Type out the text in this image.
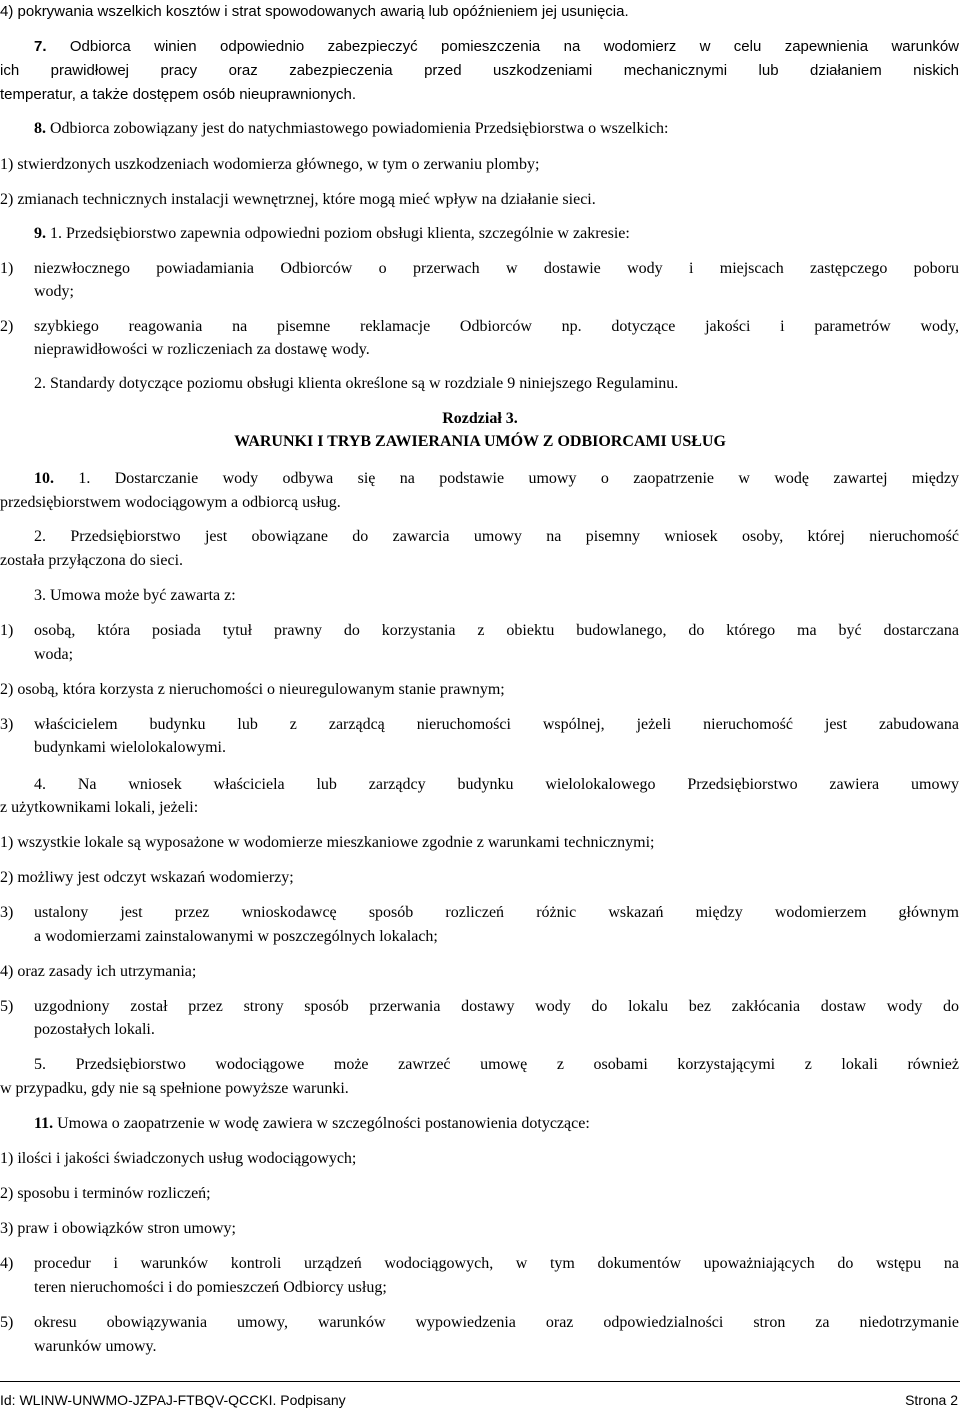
4) pokrywania wszelkich kosztów i strat spowodowanych awarią lub opóźnieniem jej usunięcia.
7. Odbiorca winien odpowiednio zabezpieczyć pomieszczenia na wodomierz w celu zapewnienia warunków
ich prawidłowej pracy oraz zabezpieczenia przed uszkodzeniami mechanicznymi lub działaniem niskich
temperatur, a także dostępem osób nieuprawnionych.
8. Odbiorca zobowiązany jest do natychmiastowego powiadomienia Przedsiębiorstwa o wszelkich:
1) stwierdzonych uszkodzeniach wodomierza głównego, w tym o zerwaniu plomby;
2) zmianach technicznych instalacji wewnętrznej, które mogą mieć wpływ na działanie sieci.
9. 1. Przedsiębiorstwo zapewnia odpowiedni poziom obsługi klienta, szczególnie w zakresie:
1) niezwłocznego powiadamiania Odbiorców o przerwach w dostawie wody i miejscach zastępczego poboru
wody;
2) szybkiego reagowania na pisemne reklamacje Odbiorców np. dotyczące jakości i parametrów wody,
nieprawidłowości w rozliczeniach za dostawę wody.
2. Standardy dotyczące poziomu obsługi klienta określone są w rozdziale 9 niniejszego Regulaminu.
Rozdział 3.
WARUNKI I TRYB ZAWIERANIA UMÓW Z ODBIORCAMI USŁUG
10. 1. Dostarczanie wody odbywa się na podstawie umowy o zaopatrzenie w wodę zawartej między
przedsiębiorstwem wodociągowym a odbiorcą usług.
2. Przedsiębiorstwo jest obowiązane do zawarcia umowy na pisemny wniosek osoby, której nieruchomość
została przyłączona do sieci.
3. Umowa może być zawarta z:
1) osobą, która posiada tytuł prawny do korzystania z obiektu budowlanego, do którego ma być dostarczana
woda;
2) osobą, która korzysta z nieruchomości o nieuregulowanym stanie prawnym;
3) właścicielem budynku lub z zarządcą nieruchomości wspólnej, jeżeli nieruchomość jest zabudowana
budynkami wielolokalowymi.
4. Na wniosek właściciela lub zarządcy budynku wielolokalowego Przedsiębiorstwo zawiera umowy
z użytkownikami lokali, jeżeli:
1) wszystkie lokale są wyposażone w wodomierze mieszkaniowe zgodnie z warunkami technicznymi;
2) możliwy jest odczyt wskazań wodomierzy;
3) ustalony jest przez wnioskodawcę sposób rozliczeń różnic wskazań między wodomierzem głównym
a wodomierzami zainstalowanymi w poszczególnych lokalach;
4) oraz zasady ich utrzymania;
5) uzgodniony został przez strony sposób przerwania dostawy wody do lokalu bez zakłócania dostaw wody do
pozostałych lokali.
5. Przedsiębiorstwo wodociągowe może zawrzeć umowę z osobami korzystającymi z lokali również
w przypadku, gdy nie są spełnione powyższe warunki.
11. Umowa o zaopatrzenie w wodę zawiera w szczególności postanowienia dotyczące:
1) ilości i jakości świadczonych usług wodociągowych;
2) sposobu i terminów rozliczeń;
3) praw i obowiązków stron umowy;
4) procedur i warunków kontroli urządzeń wodociągowych, w tym dokumentów upoważniających do wstępu na
teren nieruchomości i do pomieszczeń Odbiorcy usług;
5) okresu obowiązywania umowy, warunków wypowiedzenia oraz odpowiedzialności stron za niedotrzymanie
warunków umowy.
Id: WLINW-UNWMO-JZPAJ-FTBQV-QCCKI. Podpisany	Strona 2
